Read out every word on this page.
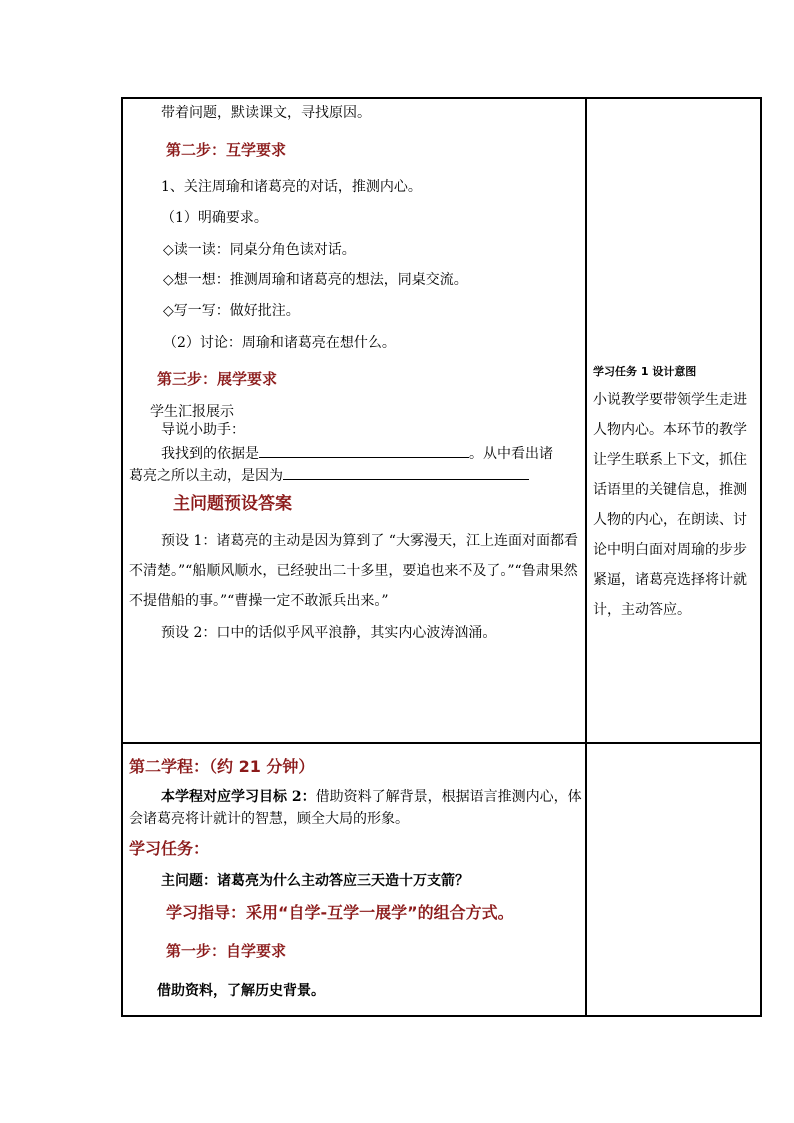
带着问题，默读课文，寻找原因。
第二步：互学要求
1、关注周瑜和诸葛亮的对话，推测内心。
（1）明确要求。
◇读一读：同桌分角色读对话。
◇想一想：推测周瑜和诸葛亮的想法，同桌交流。
◇写一写：做好批注。
（2）讨论：周瑜和诸葛亮在想什么。
第三步：展学要求
学生汇报展示
导说小助手：
我找到的依据是	。从中看出诸
葛亮之所以主动，是因为
主问题预设答案
预设 1：诸葛亮的主动是因为算到了 “大雾漫天，江上连面对面都看不清楚。”“船顺风顺水，已经驶出二十多里，要追也来不及了。”“鲁肃果然不提借船的事。”“曹操一定不敢派兵出来。”
预设 2：口中的话似乎风平浪静，其实内心波涛汹涌。
学习任务 1 设计意图
小说教学要带领学生走进人物内心。本环节的教学让学生联系上下文，抓住话语里的关键信息，推测人物的内心，在朗读、讨论中明白面对周瑜的步步紧逼，诸葛亮选择将计就计，主动答应。
第二学程：（约 21 分钟）
本学程对应学习目标 2：借助资料了解背景，根据语言推测内心，体会诸葛亮将计就计的智慧，顾全大局的形象。
学习任务：
主问题：诸葛亮为什么主动答应三天造十万支箭？
学习指导：采用“自学-互学一展学”的组合方式。
第一步：自学要求
借助资料，了解历史背景。
